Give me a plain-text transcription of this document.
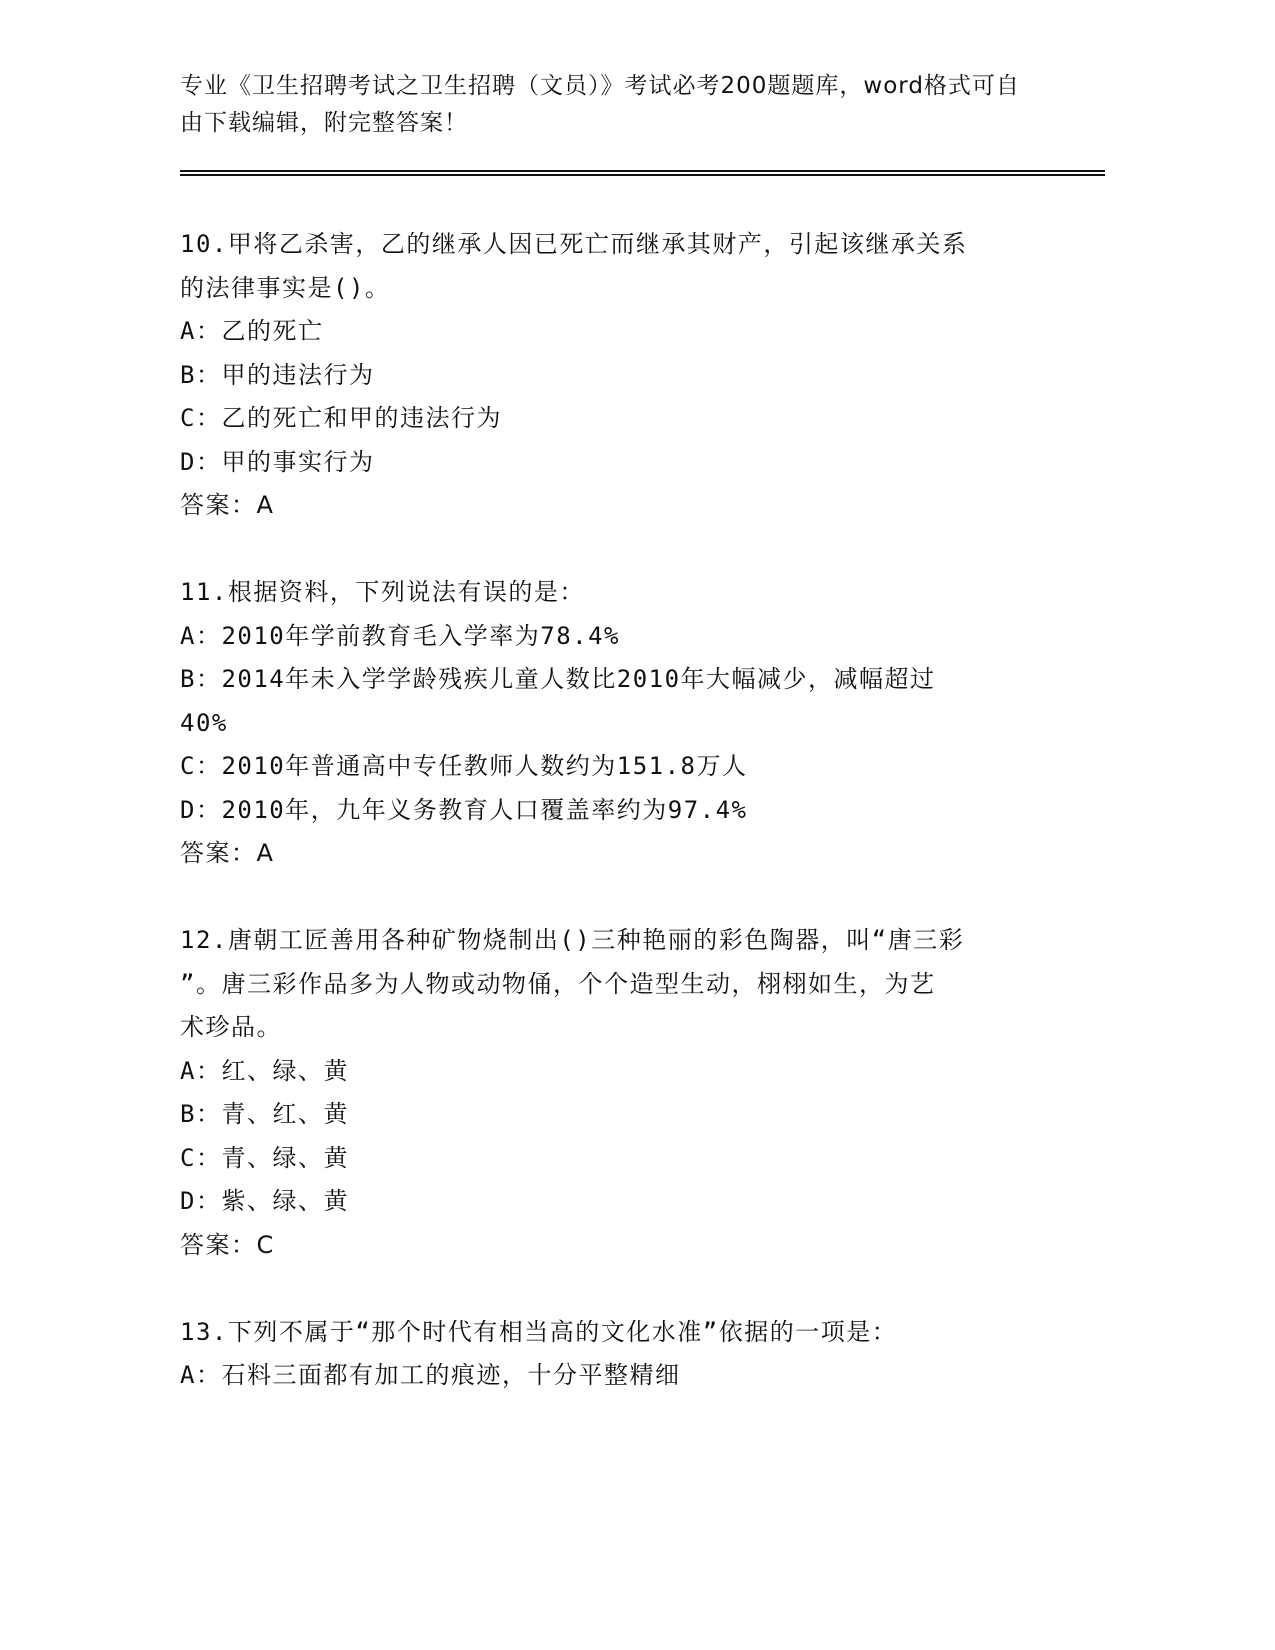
专业《卫生招聘考试之卫生招聘（文员）》考试必考200题题库，word格式可自
由下载编辑，附完整答案！
10.甲将乙杀害，乙的继承人因已死亡而继承其财产，引起该继承关系
的法律事实是()。
A：乙的死亡
B：甲的违法行为
C：乙的死亡和甲的违法行为
D：甲的事实行为
答案：A
11.根据资料，下列说法有误的是：
A：2010年学前教育毛入学率为78.4%
B：2014年未入学学龄残疾儿童人数比2010年大幅减少，减幅超过
40%
C：2010年普通高中专任教师人数约为151.8万人
D：2010年，九年义务教育人口覆盖率约为97.4%
答案：A
12.唐朝工匠善用各种矿物烧制出()三种艳丽的彩色陶器，叫“唐三彩
”。唐三彩作品多为人物或动物俑，个个造型生动，栩栩如生，为艺
术珍品。
A：红、绿、黄
B：青、红、黄
C：青、绿、黄
D：紫、绿、黄
答案：C
13.下列不属于“那个时代有相当高的文化水准”依据的一项是：
A：石料三面都有加工的痕迹，十分平整精细
